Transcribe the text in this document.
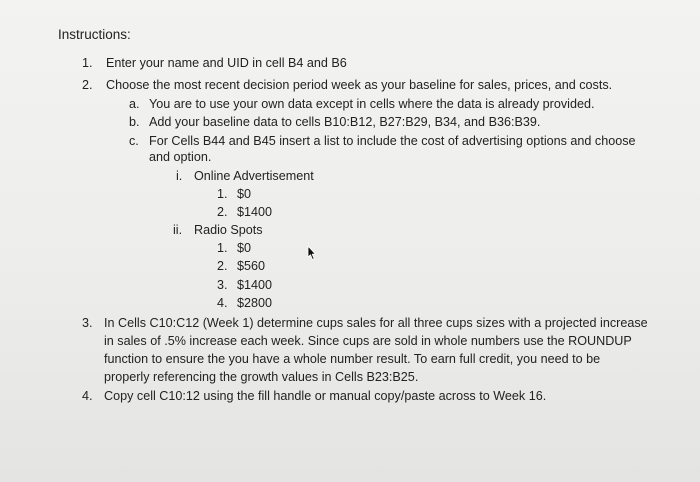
Instructions:
1. Enter your name and UID in cell B4 and B6
2. Choose the most recent decision period week as your baseline for sales, prices, and costs.
a. You are to use your own data except in cells where the data is already provided.
b. Add your baseline data to cells B10:B12, B27:B29, B34, and B36:B39.
c. For Cells B44 and B45 insert a list to include the cost of advertising options and choose
and option.
i. Online Advertisement
1. $0
2. $1400
ii. Radio Spots
1. $0
2. $560
3. $1400
4. $2800
3. In Cells C10:C12 (Week 1) determine cups sales for all three cups sizes with a projected increase
in sales of .5% increase each week. Since cups are sold in whole numbers use the ROUNDUP
function to ensure the you have a whole number result. To earn full credit, you need to be
properly referencing the growth values in Cells B23:B25.
4. Copy cell C10:12 using the fill handle or manual copy/paste across to Week 16.
